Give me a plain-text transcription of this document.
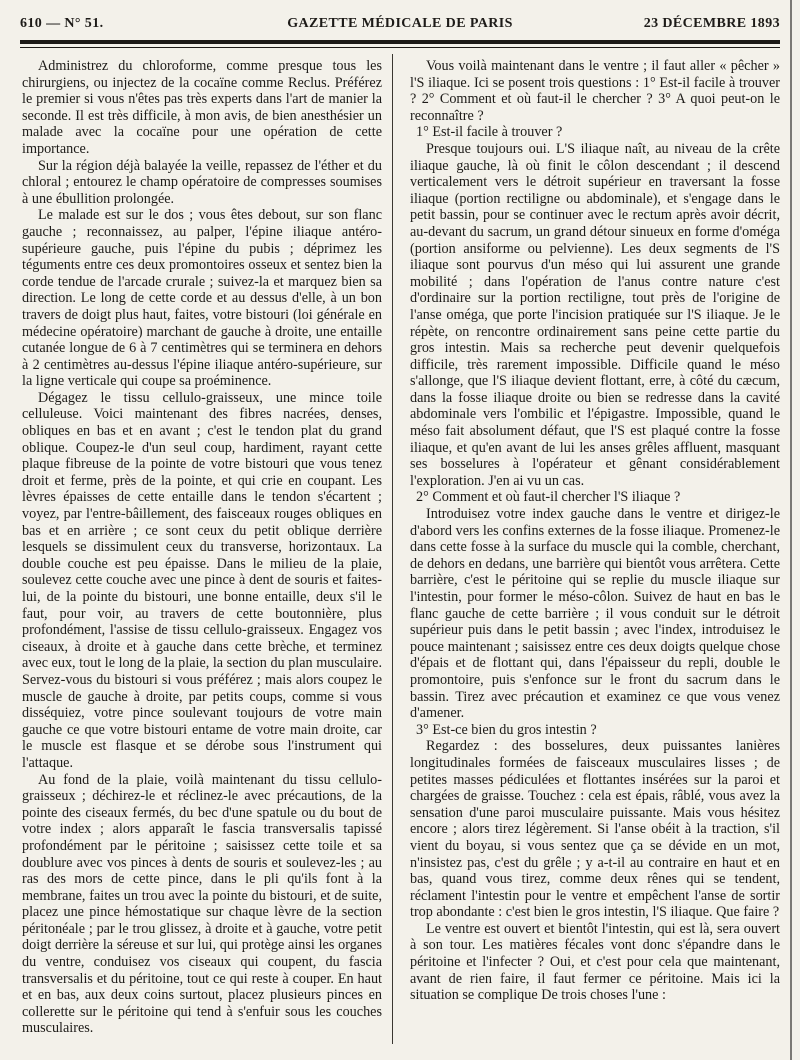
610 — N° 51.	GAZETTE MÉDICALE DE PARIS	23 DÉCEMBRE 1893

Administrez du chloroforme, comme presque tous les chirurgiens, ou injectez de la cocaïne comme Reclus. Préférez le premier si vous n'êtes pas très experts dans l'art de manier la seconde. Il est très difficile, à mon avis, de bien anesthésier un malade avec la cocaïne pour une opération de cette importance.

Sur la région déjà balayée la veille, repassez de l'éther et du chloral ; entourez le champ opératoire de compresses soumises à une ébullition prolongée.

Le malade est sur le dos ; vous êtes debout, sur son flanc gauche ; reconnaissez, au palper, l'épine iliaque antéro-supérieure gauche, puis l'épine du pubis ; déprimez les téguments entre ces deux promontoires osseux et sentez bien la corde tendue de l'arcade crurale ; suivez-la et marquez bien sa direction. Le long de cette corde et au dessus d'elle, à un bon travers de doigt plus haut, faites, votre bistouri (loi générale en médecine opératoire) marchant de gauche à droite, une entaille cutanée longue de 6 à 7 centimètres qui se terminera en dehors à 2 centimètres au-dessus l'épine iliaque antéro-supérieure, sur la ligne verticale qui coupe sa proéminence.

Dégagez le tissu cellulo-graisseux, une mince toile celluleuse. Voici maintenant des fibres nacrées, denses, obliques en bas et en avant ; c'est le tendon plat du grand oblique. Coupez-le d'un seul coup, hardiment, rayant cette plaque fibreuse de la pointe de votre bistouri que vous tenez droit et ferme, près de la pointe, et qui crie en coupant. Les lèvres épaisses de cette entaille dans le tendon s'écartent ; voyez, par l'entre-bâillement, des faisceaux rouges obliques en bas et en arrière ; ce sont ceux du petit oblique derrière lesquels se dissimulent ceux du transverse, horizontaux. La double couche est peu épaisse. Dans le milieu de la plaie, soulevez cette couche avec une pince à dent de souris et faites-lui, de la pointe du bistouri, une bonne entaille, deux s'il le faut, pour voir, au travers de cette boutonnière, plus profondément, l'assise de tissu cellulo-graisseux. Engagez vos ciseaux, à droite et à gauche dans cette brèche, et terminez avec eux, tout le long de la plaie, la section du plan musculaire. Servez-vous du bistouri si vous préférez ; mais alors coupez le muscle de gauche à droite, par petits coups, comme si vous disséquiez, votre pince soulevant toujours de votre main gauche ce que votre bistouri entame de votre main droite, car le muscle est flasque et se dérobe sous l'instrument qui l'attaque.

Au fond de la plaie, voilà maintenant du tissu cellulo-graisseux ; déchirez-le et réclinez-le avec précautions, de la pointe des ciseaux fermés, du bec d'une spatule ou du bout de votre index ; alors apparaît le fascia transversalis tapissé profondément par le péritoine ; saisissez cette toile et sa doublure avec vos pinces à dents de souris et soulevez-les ; au ras des mors de cette pince, dans le pli qu'ils font à la membrane, faites un trou avec la pointe du bistouri, et de suite, placez une pince hémostatique sur chaque lèvre de la section péritonéale ; par le trou glissez, à droite et à gauche, votre petit doigt derrière la séreuse et sur lui, qui protège ainsi les organes du ventre, conduisez vos ciseaux qui coupent, du fascia transversalis et du péritoine, tout ce qui reste à couper. En haut et en bas, aux deux coins surtout, placez plusieurs pinces en collerette sur le péritoine qui tend à s'enfuir sous les couches musculaires.

Vous voilà maintenant dans le ventre ; il faut aller « pêcher » l'S iliaque. Ici se posent trois questions : 1° Est-il facile à trouver ? 2° Comment et où faut-il le chercher ? 3° A quoi peut-on le reconnaître ?

1° Est-il facile à trouver ?

Presque toujours oui. L'S iliaque naît, au niveau de la crête iliaque gauche, là où finit le côlon descendant ; il descend verticalement vers le détroit supérieur en traversant la fosse iliaque (portion rectiligne ou abdominale), et s'engage dans le petit bassin, pour se continuer avec le rectum après avoir décrit, au-devant du sacrum, un grand détour sinueux en forme d'oméga (portion ansiforme ou pelvienne). Les deux segments de l'S iliaque sont pourvus d'un méso qui lui assurent une grande mobilité ; dans l'opération de l'anus contre nature c'est d'ordinaire sur la portion rectiligne, tout près de l'origine de l'anse oméga, que porte l'incision pratiquée sur l'S iliaque. Je le répète, on rencontre ordinairement sans peine cette partie du gros intestin. Mais sa recherche peut devenir quelquefois difficile, très rarement impossible. Difficile quand le méso s'allonge, que l'S iliaque devient flottant, erre, à côté du cæcum, dans la fosse iliaque droite ou bien se redresse dans la cavité abdominale vers l'ombilic et l'épigastre. Impossible, quand le méso fait absolument défaut, que l'S est plaqué contre la fosse iliaque, et qu'en avant de lui les anses grêles affluent, masquant ses bosselures à l'opérateur et gênant considérablement l'exploration. J'en ai vu un cas.

2° Comment et où faut-il chercher l'S iliaque ?

Introduisez votre index gauche dans le ventre et dirigez-le d'abord vers les confins externes de la fosse iliaque. Promenez-le dans cette fosse à la surface du muscle qui la comble, cherchant, de dehors en dedans, une barrière qui bientôt vous arrêtera. Cette barrière, c'est le péritoine qui se replie du muscle iliaque sur l'intestin, pour former le méso-côlon. Suivez de haut en bas le flanc gauche de cette barrière ; il vous conduit sur le détroit supérieur puis dans le petit bassin ; avec l'index, introduisez le pouce maintenant ; saisissez entre ces deux doigts quelque chose d'épais et de flottant qui, dans l'épaisseur du repli, double le promontoire, puis s'enfonce sur le front du sacrum dans le bassin. Tirez avec précaution et examinez ce que vous venez d'amener.

3° Est-ce bien du gros intestin ?

Regardez : des bosselures, deux puissantes lanières longitudinales formées de faisceaux musculaires lisses ; de petites masses pédiculées et flottantes insérées sur la paroi et chargées de graisse. Touchez : cela est épais, râblé, vous avez la sensation d'une paroi musculaire puissante. Mais vous hésitez encore ; alors tirez légèrement. Si l'anse obéit à la traction, s'il vient du boyau, si vous sentez que ça se dévide en un mot, n'insistez pas, c'est du grêle ; y a-t-il au contraire en haut et en bas, quand vous tirez, comme deux rênes qui se tendent, réclament l'intestin pour le ventre et empêchent l'anse de sortir trop abondante : c'est bien le gros intestin, l'S iliaque. Que faire ?

Le ventre est ouvert et bientôt l'intestin, qui est là, sera ouvert à son tour. Les matières fécales vont donc s'épandre dans le péritoine et l'infecter ? Oui, et c'est pour cela que maintenant, avant de rien faire, il faut fermer ce péritoine. Mais ici la situation se complique De trois choses l'une :
